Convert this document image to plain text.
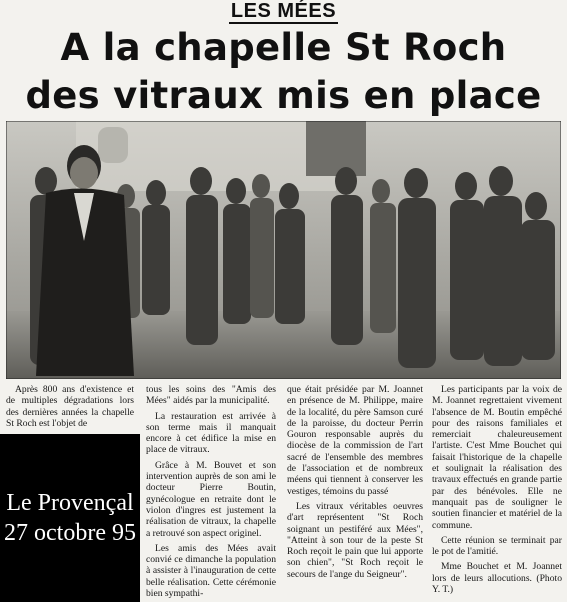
LES MÉES
A la chapelle St Roch
des vitraux mis en place
Le Provençal
27 octobre 95

Après 800 ans d'existence et de multiples dégradations lors des dernières années la chapelle St Roch est l'objet de

tous les soins des "Amis des Mées" aidés par la municipalité.

La restauration est arrivée à son terme mais il manquait encore à cet édifice la mise en place de vitraux.

Grâce à M. Bouvet et son intervention auprès de son ami le docteur Pierre Boutin, gynécologue en retraite dont le violon d'ingres est justement la réalisation de vitraux, la chapelle a retrouvé son aspect originel.

Les amis des Mées avait convié ce dimanche la population à assister à l'inauguration de cette belle réalisation. Cette cérémonie bien sympathi-

que était présidée par M. Joannet en présence de M. Philippe, maire de la localité, du père Samson curé de la paroisse, du docteur Perrin Gouron responsable auprès du diocèse de la commission de l'art sacré de l'ensemble des membres de l'association et de nombreux méens qui tiennent à conserver les vestiges, témoins du passé

Les vitraux véritables oeuvres d'art représentent "St Roch soignant un pestiféré aux Mées", "Atteint à son tour de la peste St Roch reçoit le pain que lui apporte son chien", "St Roch reçoit le secours de l'ange du Seigneur".

Les participants par la voix de M. Joannet regrettaient vivement l'absence de M. Boutin empêché pour des raisons familiales et remerciait chaleureusement l'artiste. C'est Mme Bouchet qui faisait l'historique de la chapelle et soulignait la réalisation des travaux effectués en grande partie par des bénévoles. Elle ne manquait pas de souligner le soutien financier et matériel de la commune.

Cette réunion se terminait par le pot de l'amitié.

Mme Bouchet et M. Joannet lors de leurs allocutions. (Photo Y. T.)
